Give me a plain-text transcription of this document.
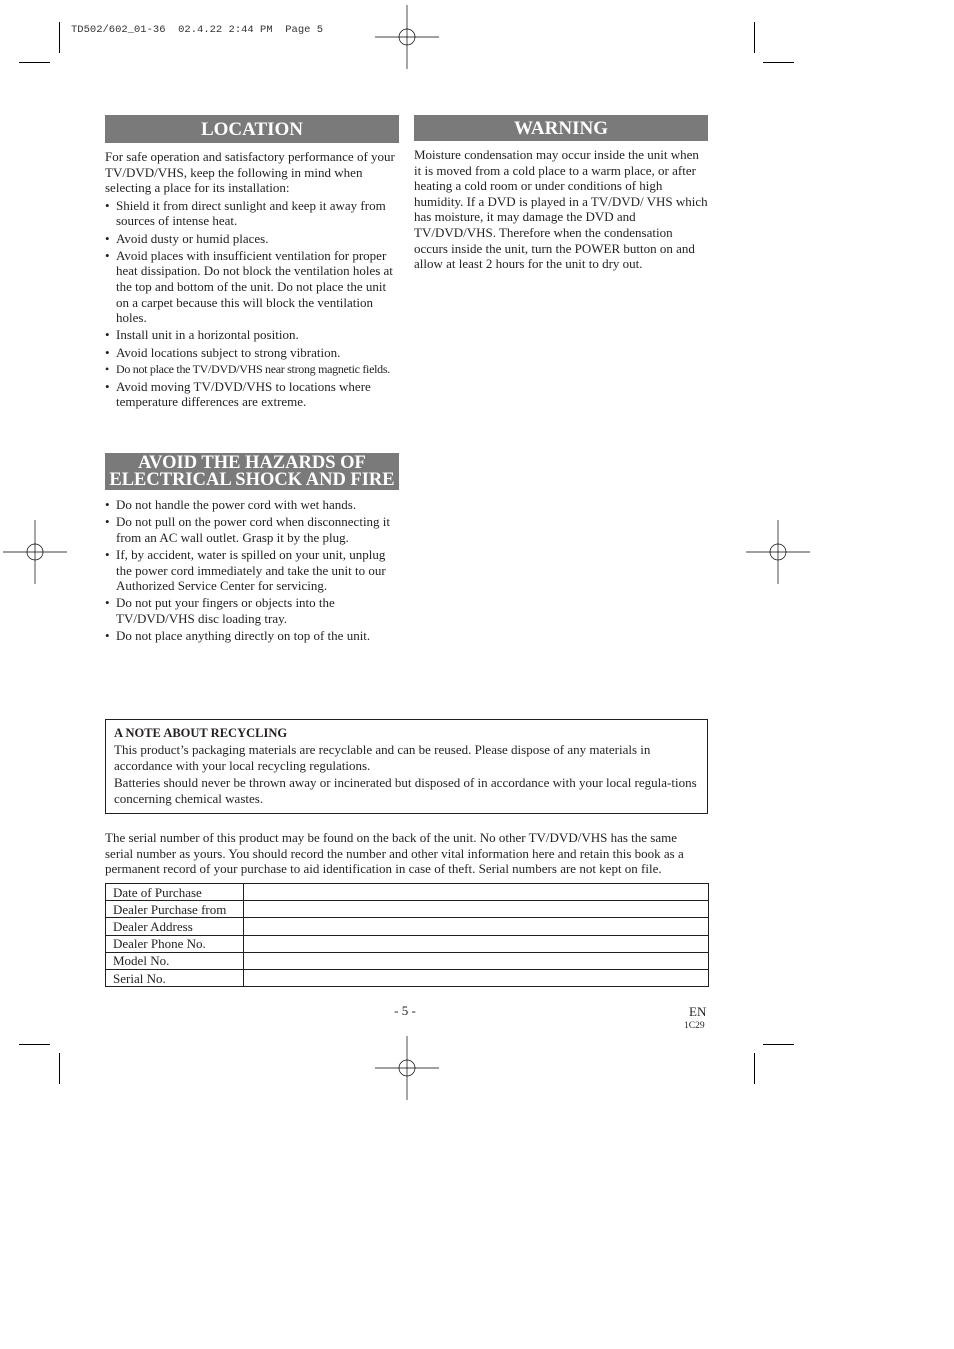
TD502/602_01-36  02.4.22 2:44 PM  Page 5
LOCATION

For safe operation and satisfactory performance of your TV/DVD/VHS, keep the following in mind when selecting a place for its installation:

• Shield it from direct sunlight and keep it away from sources of intense heat.
• Avoid dusty or humid places.
• Avoid places with insufficient ventilation for proper heat dissipation. Do not block the ventilation holes at the top and bottom of the unit. Do not place the unit on a carpet because this will block the ventilation holes.
• Install unit in a horizontal position.
• Avoid locations subject to strong vibration.
• Do not place the TV/DVD/VHS near strong magnetic fields.
• Avoid moving TV/DVD/VHS to locations where temperature differences are extreme.
WARNING

Moisture condensation may occur inside the unit when it is moved from a cold place to a warm place, or after heating a cold room or under conditions of high humidity. If a DVD is played in a TV/DVD/ VHS which has moisture, it may damage the DVD and TV/DVD/VHS. Therefore when the condensation occurs inside the unit, turn the POWER button on and allow at least 2 hours for the unit to dry out.

AVOID THE HAZARDS OF
ELECTRICAL SHOCK AND FIRE
• Do not handle the power cord with wet hands.
• Do not pull on the power cord when disconnecting it from an AC wall outlet. Grasp it by the plug.
• If, by accident, water is spilled on your unit, unplug the power cord immediately and take the unit to our Authorized Service Center for servicing.
• Do not put your fingers or objects into the TV/DVD/VHS disc loading tray.
• Do not place anything directly on top of the unit.
A NOTE ABOUT RECYCLING

This product’s packaging materials are recyclable and can be reused. Please dispose of any materials in accordance with your local recycling regulations.

Batteries should never be thrown away or incinerated but disposed of in accordance with your local regula-tions concerning chemical wastes.

The serial number of this product may be found on the back of the unit. No other TV/DVD/VHS has the same serial number as yours. You should record the number and other vital information here and retain this book as a permanent record of your purchase to aid identification in case of theft. Serial numbers are not kept on file.

Date of Purchase	
Dealer Purchase from	
Dealer Address	
Dealer Phone No.	
Model No.	
Serial No.	
- 5 -	EN
1C29
